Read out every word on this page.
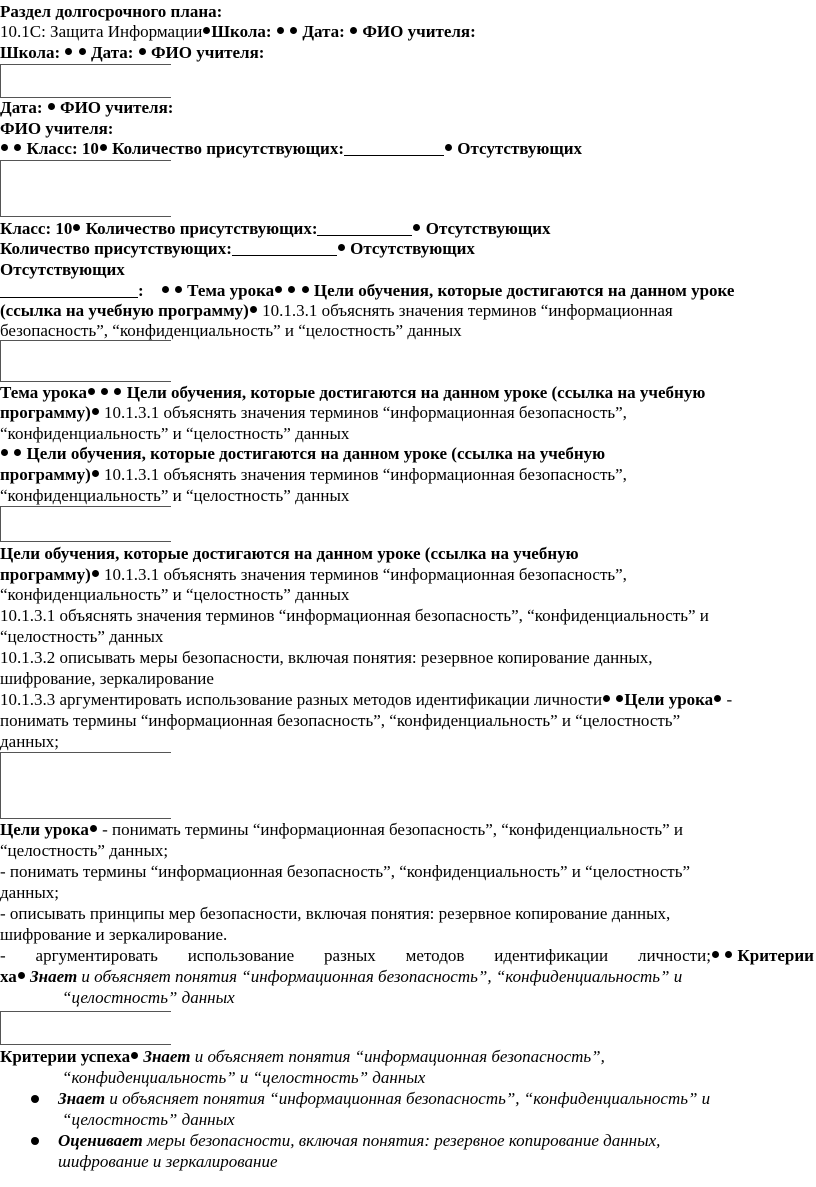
Раздел долгосрочного плана:
10.1С: Защита Информации Школа: Дата: ФИО учителя:
Школа: Дата: ФИО учителя:
Дата: ФИО учителя:
ФИО учителя:
Класс: 10 Количество присутствующих:	Отсутствующих
Класс: 10 Количество присутствующих:	Отсутствующих
Количество присутствующих:	Отсутствующих
Отсутствующих
:	Тема урока Цели обучения, которые достигаются на данном уроке
(ссылка на учебную программу) 10.1.3.1 объяснять значения терминов “информационная
безопасность”, “конфиденциальность” и “целостность” данных
Тема урока Цели обучения, которые достигаются на данном уроке (ссылка на учебную
программу) 10.1.3.1 объяснять значения терминов “информационная безопасность”,
“конфиденциальность” и “целостность” данных
Цели обучения, которые достигаются на данном уроке (ссылка на учебную
программу) 10.1.3.1 объяснять значения терминов “информационная безопасность”,
“конфиденциальность” и “целостность” данных
Цели обучения, которые достигаются на данном уроке (ссылка на учебную
программу) 10.1.3.1 объяснять значения терминов “информационная безопасность”,
“конфиденциальность” и “целостность” данных
10.1.3.1 объяснять значения терминов “информационная безопасность”, “конфиденциальность” и
“целостность” данных
10.1.3.2 описывать меры безопасности, включая понятия: резервное копирование данных,
шифрование, зеркалирование
10.1.3.3 аргументировать использование разных методов идентификации личности Цели урока -
понимать термины “информационная безопасность”, “конфиденциальность” и “целостность”
данных;
Цели урока - понимать термины “информационная безопасность”, “конфиденциальность” и
“целостность” данных;
- понимать термины “информационная безопасность”, “конфиденциальность” и “целостность”
данных;
- описывать принципы мер безопасности, включая понятия: резервное копирование данных,
шифрование и зеркалирование.
- аргументировать использование разных методов идентификации личности; Критерии
ха Знает и объясняет понятия “информационная безопасность”, “конфиденциальность” и
“целостность” данных
Критерии успеха Знает и объясняет понятия “информационная безопасность”,
“конфиденциальность” и “целостность” данных
Знает и объясняет понятия “информационная безопасность”, “конфиденциальность” и
“целостность” данных
Оценивает меры безопасности, включая понятия: резервное копирование данных,
шифрование и зеркалирование
